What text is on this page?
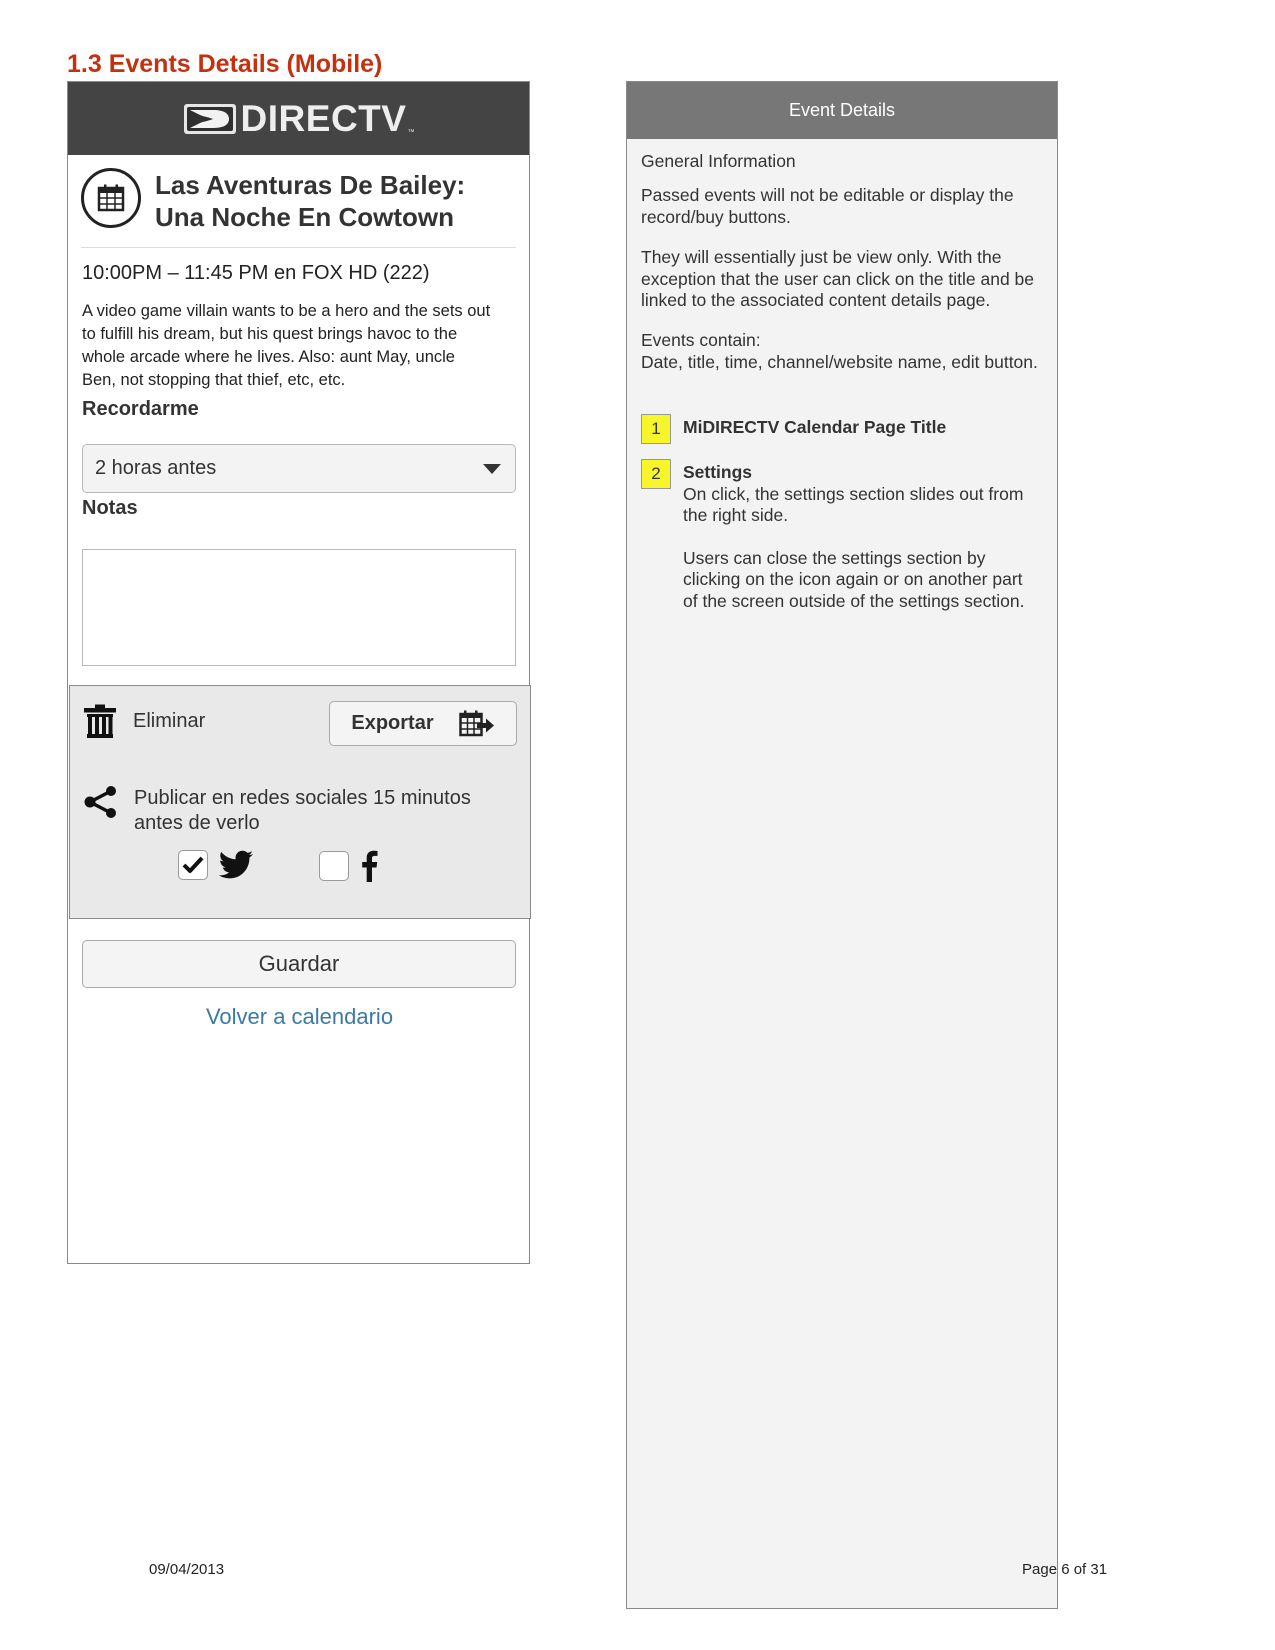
1.3 Events Details (Mobile)
DIRECTV ™
Las Aventuras De Bailey:
Una Noche En Cowtown
10:00PM – 11:45 PM en FOX HD (222)
A video game villain wants to be a hero and the sets out to fulfill his dream, but his quest brings havoc to the whole arcade where he lives. Also: aunt May, uncle Ben, not stopping that thief, etc, etc.
Recordarme
2 horas antes
Notas
Eliminar	Exportar
Publicar en redes sociales 15 minutos antes de verlo
Guardar
Volver a calendario
Event Details
General Information
Passed events will not be editable or display the record/buy buttons.
They will essentially just be view only. With the exception that the user can click on the title and be linked to the associated content details page.
Events contain:
Date, title, time, channel/website name, edit button.
1	MiDIRECTV Calendar Page Title
2	Settings
On click, the settings section slides out from the right side.
Users can close the settings section by clicking on the icon again or on another part of the screen outside of the settings section.
09/04/2013	Page 6 of 31
